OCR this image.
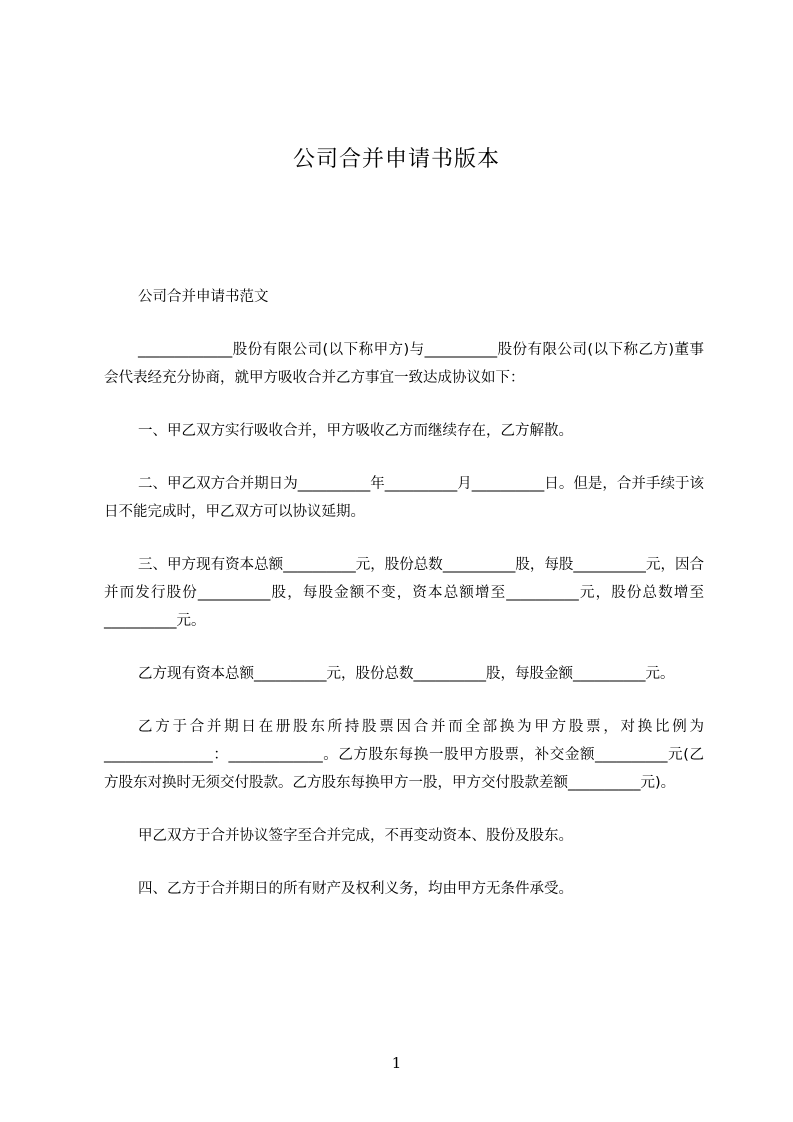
公司合并申请书版本

公司合并申请书范文

_____________股份有限公司(以下称甲方)与__________股份有限公司(以下称乙方)董事会代表经充分协商，就甲方吸收合并乙方事宜一致达成协议如下：

一、甲乙双方实行吸收合并，甲方吸收乙方而继续存在，乙方解散。

二、甲乙双方合并期日为__________年__________月__________日。但是，合并手续于该日不能完成时，甲乙双方可以协议延期。

三、甲方现有资本总额__________元，股份总数__________股，每股__________元，因合并而发行股份__________股，每股金额不变，资本总额增至__________元，股份总数增至__________元。

乙方现有资本总额__________元，股份总数__________股，每股金额__________元。

乙方于合并期日在册股东所持股票因合并而全部换为甲方股票，对换比例为_______________：_____________。乙方股东每换一股甲方股票，补交金额__________元(乙方股东对换时无须交付股款。乙方股东每换甲方一股，甲方交付股款差额__________元)。

甲乙双方于合并协议签字至合并完成，不再变动资本、股份及股东。

四、乙方于合并期日的所有财产及权利义务，均由甲方无条件承受。

1
